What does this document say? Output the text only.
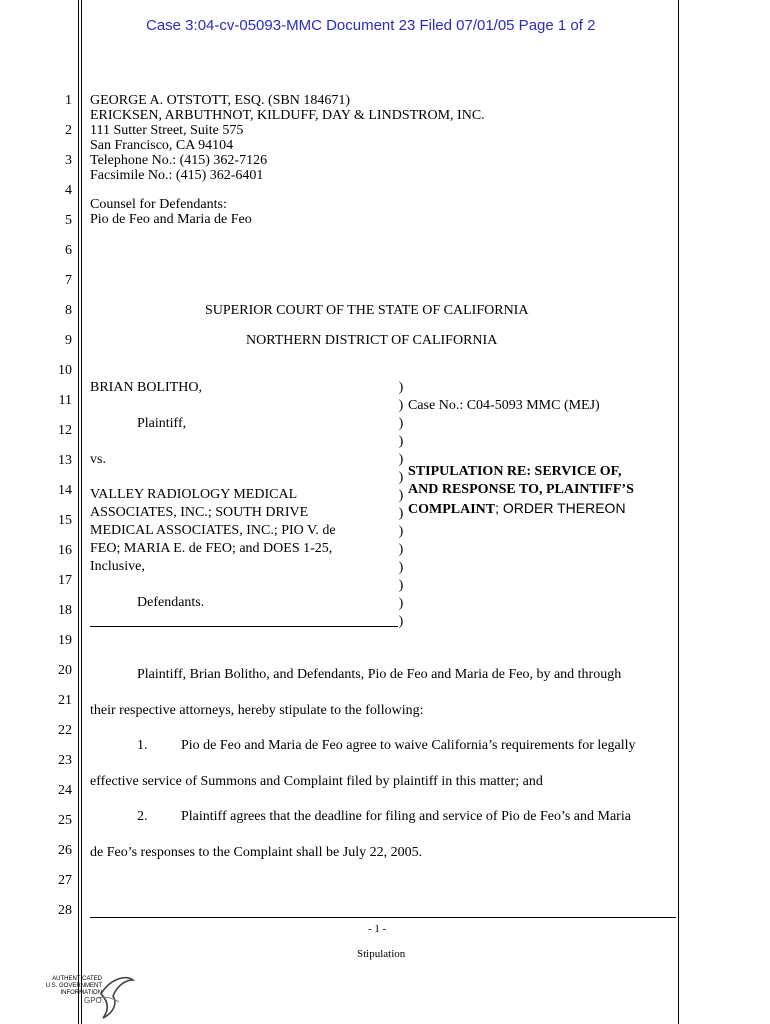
Case 3:04-cv-05093-MMC Document 23 Filed 07/01/05 Page 1 of 2
1
2
3
4
5
6
7
8
9
10
11
12
13
14
15
16
17
18
19
20
21
22
23
24
25
26
27
28
GEORGE A. OTSTOTT, ESQ. (SBN 184671)
ERICKSEN, ARBUTHNOT, KILDUFF, DAY & LINDSTROM, INC.
111 Sutter Street, Suite 575
San Francisco, CA 94104
Telephone No.: (415) 362-7126
Facsimile No.: (415) 362-6401
Counsel for Defendants:
Pio de Feo and Maria de Feo
SUPERIOR COURT OF THE STATE OF CALIFORNIA
NORTHERN DISTRICT OF CALIFORNIA
BRIAN BOLITHO,
Plaintiff,
vs.
VALLEY RADIOLOGY MEDICAL
ASSOCIATES, INC.; SOUTH DRIVE
MEDICAL ASSOCIATES, INC.; PIO V. de
FEO; MARIA E. de FEO; and DOES 1-25,
Inclusive,
Defendants.
)
)
)
)
)
)
)
)
)
)
)
)
)
)
Case No.: C04-5093 MMC (MEJ)
STIPULATION RE: SERVICE OF,
AND RESPONSE TO, PLAINTIFF’S
COMPLAINT; ORDER THEREON
Plaintiff, Brian Bolitho, and Defendants, Pio de Feo and Maria de Feo, by and through
their respective attorneys, hereby stipulate to the following:
1. Pio de Feo and Maria de Feo agree to waive California’s requirements for legally
effective service of Summons and Complaint filed by plaintiff in this matter; and
2. Plaintiff agrees that the deadline for filing and service of Pio de Feo’s and Maria
de Feo’s responses to the Complaint shall be July 22, 2005.
- 1 -
Stipulation
AUTHENTICATED
U.S. GOVERNMENT
INFORMATION
GPO
